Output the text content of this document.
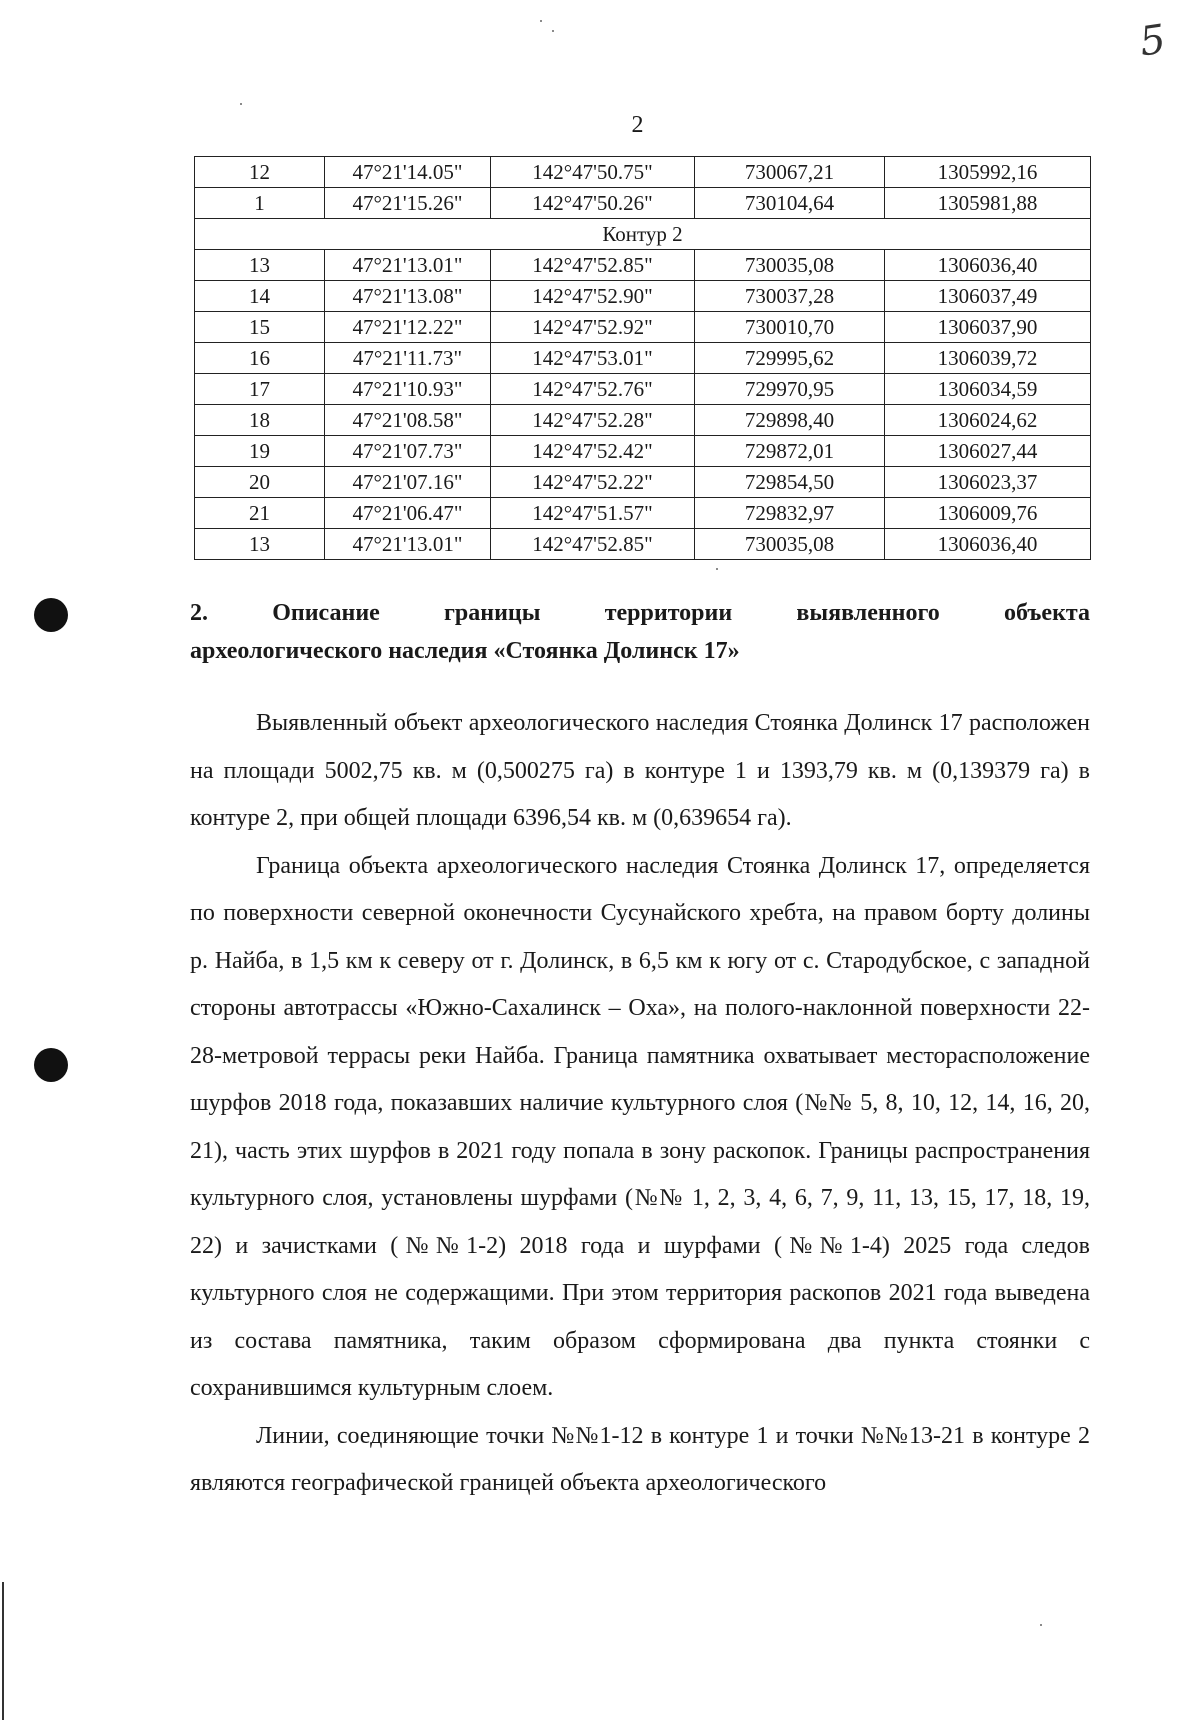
5
2
12	47°21'14.05"	142°47'50.75"	730067,21	1305992,16
1	47°21'15.26"	142°47'50.26"	730104,64	1305981,88
Контур 2				
13	47°21'13.01"	142°47'52.85"	730035,08	1306036,40
14	47°21'13.08"	142°47'52.90"	730037,28	1306037,49
15	47°21'12.22"	142°47'52.92"	730010,70	1306037,90
16	47°21'11.73"	142°47'53.01"	729995,62	1306039,72
17	47°21'10.93"	142°47'52.76"	729970,95	1306034,59
18	47°21'08.58"	142°47'52.28"	729898,40	1306024,62
19	47°21'07.73"	142°47'52.42"	729872,01	1306027,44
20	47°21'07.16"	142°47'52.22"	729854,50	1306023,37
21	47°21'06.47"	142°47'51.57"	729832,97	1306009,76
13	47°21'13.01"	142°47'52.85"	730035,08	1306036,40
2. Описание границы территории выявленного объекта
археологического наследия «Стоянка Долинск 17»

Выявленный объект археологического наследия Стоянка Долинск 17 расположен на площади 5002,75 кв. м (0,500275 га) в контуре 1 и 1393,79 кв. м (0,139379 га) в контуре 2, при общей площади 6396,54 кв. м (0,639654 га).

Граница объекта археологического наследия Стоянка Долинск 17, определяется по поверхности северной оконечности Сусунайского хребта, на правом борту долины р. Найба, в 1,5 км к северу от г. Долинск, в 6,5 км к югу от с. Стародубское, с западной стороны автотрассы «Южно-Сахалинск – Оха», на полого-наклонной поверхности 22-28-метровой террасы реки Найба. Граница памятника охватывает месторасположение шурфов 2018 года, показавших наличие культурного слоя (№№ 5, 8, 10, 12, 14, 16, 20, 21), часть этих шурфов в 2021 году попала в зону раскопок. Границы распространения культурного слоя, установлены шурфами (№№ 1, 2, 3, 4, 6, 7, 9, 11, 13, 15, 17, 18, 19, 22) и зачистками (№№1-2) 2018 года и шурфами (№№1-4) 2025 года следов культурного слоя не содержащими. При этом территория раскопов 2021 года выведена из состава памятника, таким образом сформирована два пункта стоянки с сохранившимся культурным слоем.

Линии, соединяющие точки №№1-12 в контуре 1 и точки №№13-21 в контуре 2 являются географической границей объекта археологического
